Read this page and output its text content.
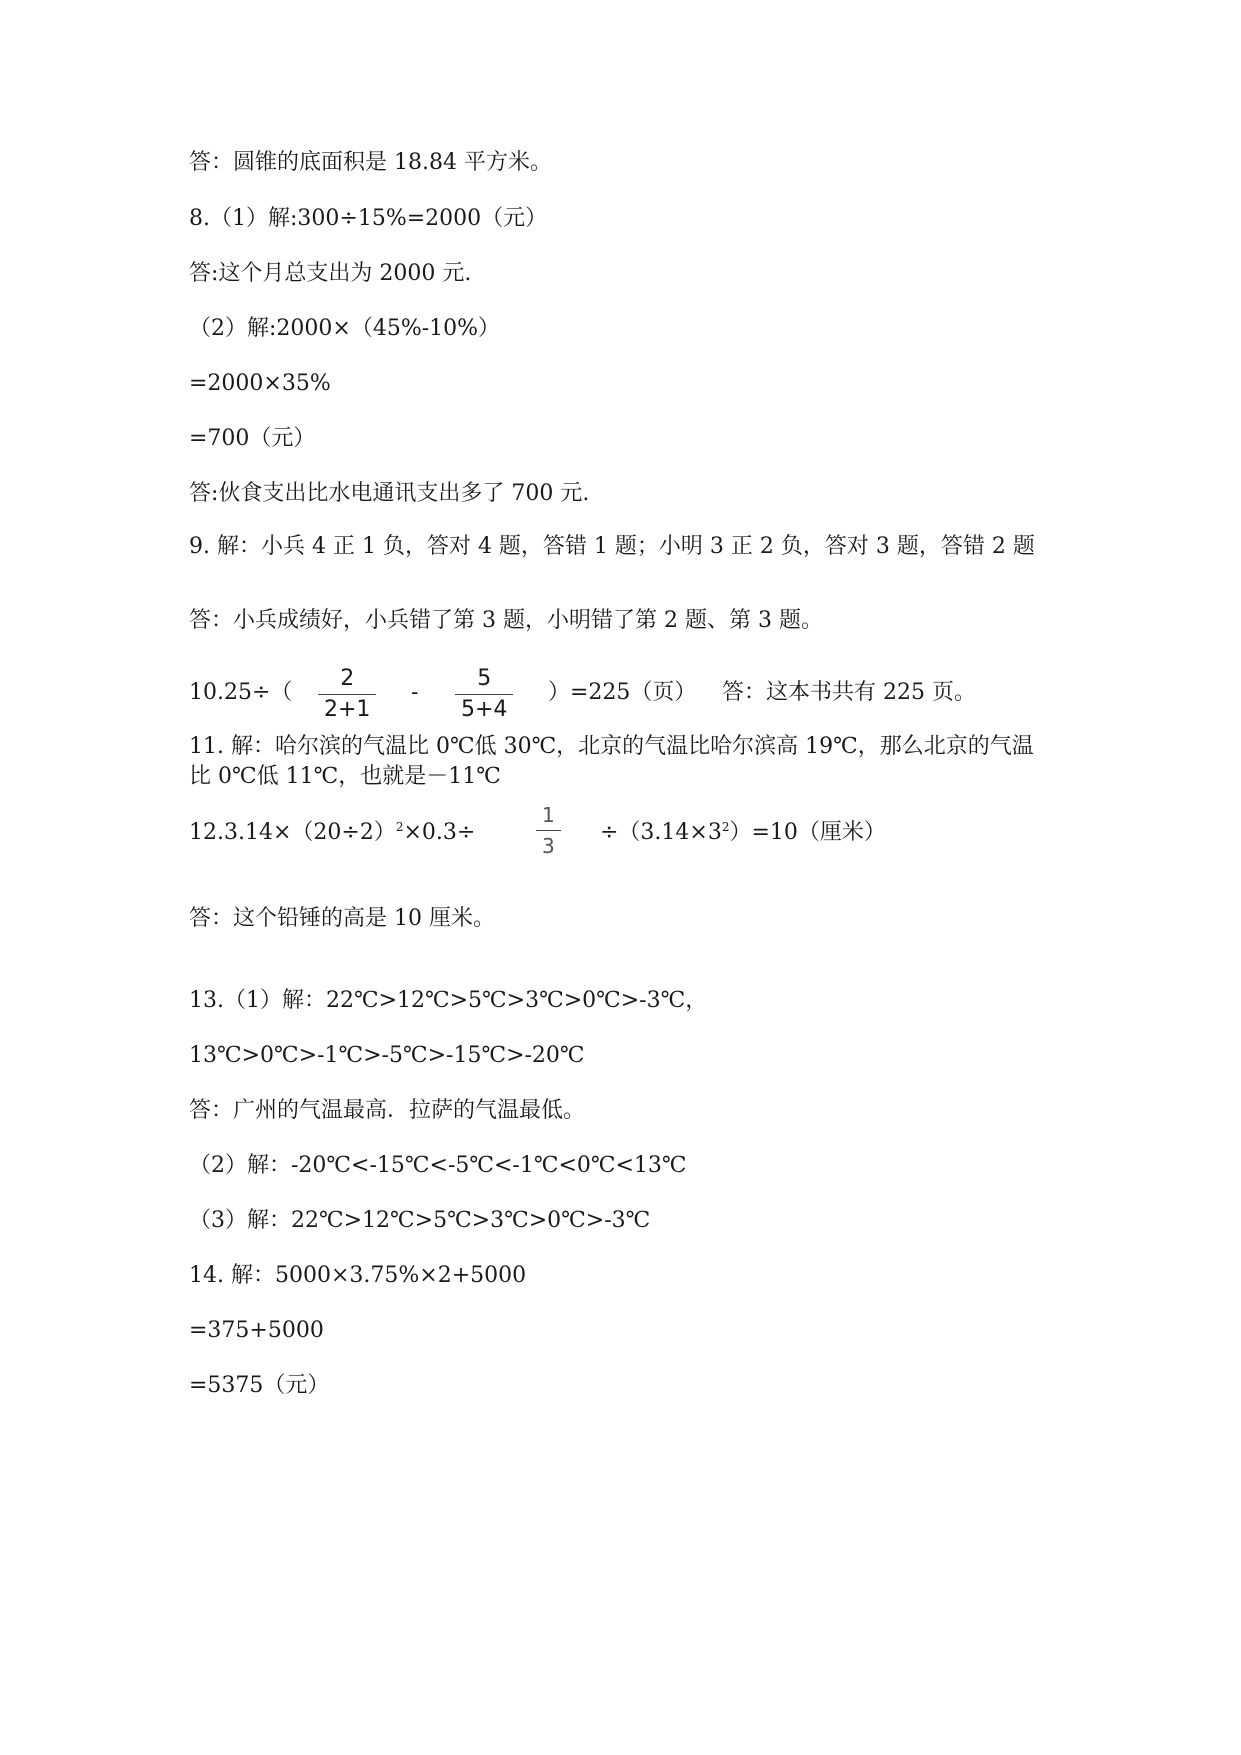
答：圆锥的底面积是 18.84 平方米。
8.（1）解:300÷15%=2000（元）
答:这个月总支出为 2000 元.
（2）解:2000×（45%-10%）
=2000×35%
=700（元）
答:伙食支出比水电通讯支出多了 700 元.
9. 解：小兵 4 正 1 负，答对 4 题，答错 1 题；小明 3 正 2 负，答对 3 题，答错 2 题
答：小兵成绩好，小兵错了第 3 题，小明错了第 2 题、第 3 题。
10.25÷（
2
2+1
-
5
5+4
）=225（页） 答：这本书共有 225 页。
11. 解：哈尔滨的气温比 0℃低 30℃，北京的气温比哈尔滨高 19℃，那么北京的气温比 0℃低 11℃，也就是－11℃
$12.3.14\times(20\div 2)^2\times 0.3\div$
1
3
$\div(3.14\times 3^2)=10$（厘米）
答：这个铅锤的高是 10 厘米。
13.（1）解：22℃>12℃>5℃>3℃>0℃>-3℃，
13℃>0℃>-1℃>-5℃>-15℃>-20℃
答：广州的气温最高．拉萨的气温最低。
（2）解：-20℃<-15℃<-5℃<-1℃<0℃<13℃
（3）解：22℃>12℃>5℃>3℃>0℃>-3℃
14. 解：5000×3.75%×2+5000
=375+5000
=5375（元）
